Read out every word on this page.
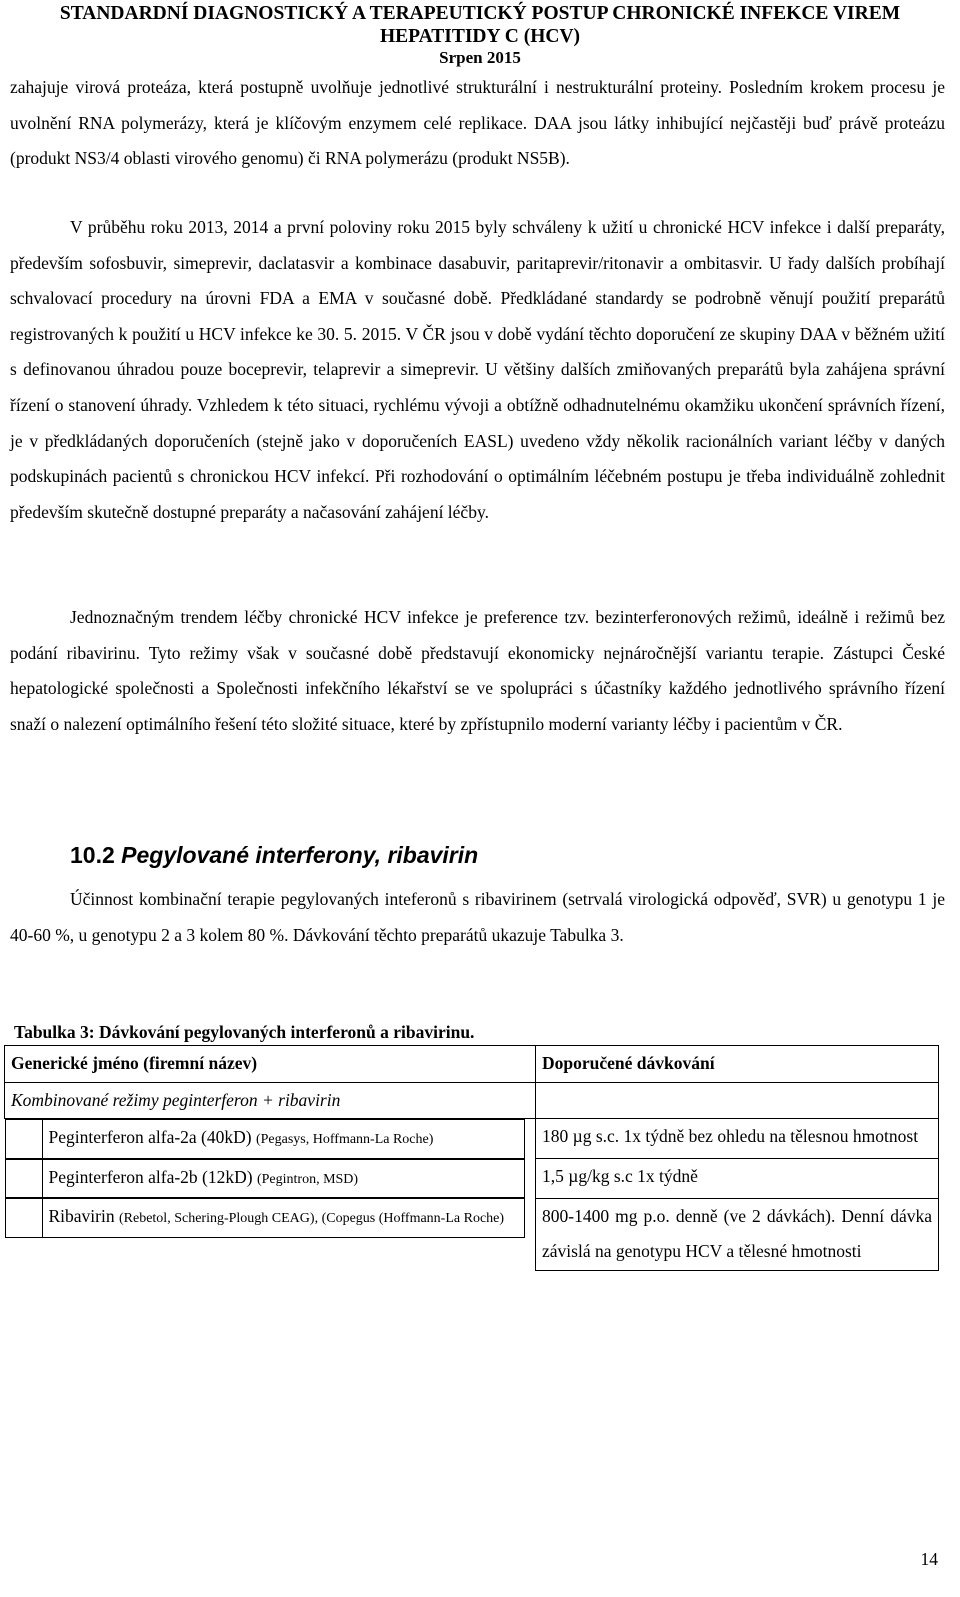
STANDARDNÍ DIAGNOSTICKÝ A TERAPEUTICKÝ POSTUP CHRONICKÉ INFEKCE VIREM
HEPATITIDY C (HCV)
Srpen 2015

zahajuje virová proteáza, která postupně uvolňuje jednotlivé strukturální i nestrukturální proteiny. Posledním krokem procesu je uvolnění RNA polymerázy, která je klíčovým enzymem celé replikace. DAA jsou látky inhibující nejčastěji buď právě proteázu (produkt NS3/4 oblasti virového genomu) či RNA polymerázu (produkt NS5B).

V průběhu roku 2013, 2014 a první poloviny roku 2015 byly schváleny k užití u chronické HCV infekce i další preparáty, především sofosbuvir, simeprevir, daclatasvir a kombinace dasabuvir, paritaprevir/ritonavir a ombitasvir. U řady dalších probíhají schvalovací procedury na úrovni FDA a EMA v současné době. Předkládané standardy se podrobně věnují použití preparátů registrovaných k použití u HCV infekce ke 30. 5. 2015. V ČR jsou v době vydání těchto doporučení ze skupiny DAA v běžném užití s definovanou úhradou pouze boceprevir, telaprevir a simeprevir. U většiny dalších zmiňovaných preparátů byla zahájena správní řízení o stanovení úhrady. Vzhledem k této situaci, rychlému vývoji a obtížně odhadnutelnému okamžiku ukončení správních řízení, je v předkládaných doporučeních (stejně jako v doporučeních EASL) uvedeno vždy několik racionálních variant léčby v daných podskupinách pacientů s chronickou HCV infekcí. Při rozhodování o optimálním léčebném postupu je třeba individuálně zohlednit především skutečně dostupné preparáty a načasování zahájení léčby.

Jednoznačným trendem léčby chronické HCV infekce je preference tzv. bezinterferonových režimů, ideálně i režimů bez podání ribavirinu. Tyto režimy však v současné době představují ekonomicky nejnáročnější variantu terapie. Zástupci České hepatologické společnosti a Společnosti infekčního lékařství se ve spolupráci s účastníky každého jednotlivého správního řízení snaží o nalezení optimálního řešení této složité situace, které by zpřístupnilo moderní varianty léčby i pacientům v ČR.

10.2 Pegylované interferony, ribavirin

Účinnost kombinační terapie pegylovaných inteferonů s ribavirinem (setrvalá virologická odpověď, SVR) u genotypu 1 je 40-60 %, u genotypu 2 a 3 kolem 80 %. Dávkování těchto preparátů ukazuje Tabulka 3.

Tabulka 3: Dávkování pegylovaných interferonů a ribavirinu.

Generické jméno (firemní název)	Doporučené dávkování
Kombinované režimy peginterferon + ribavirin	

Peginterferon alfa-2a (40kD) (Pegasys, Hoffmann-La Roche)	180 µg s.c. 1x týdně bez ohledu na tělesnou hmotnost

Peginterferon alfa-2b (12kD) (Pegintron, MSD)	1,5 µg/kg s.c 1x týdně

Ribavirin (Rebetol, Schering-Plough CEAG), (Copegus (Hoffmann-La Roche)	800-1400 mg p.o. denně (ve 2 dávkách). Denní dávka závislá na genotypu HCV a tělesné hmotnosti
14
